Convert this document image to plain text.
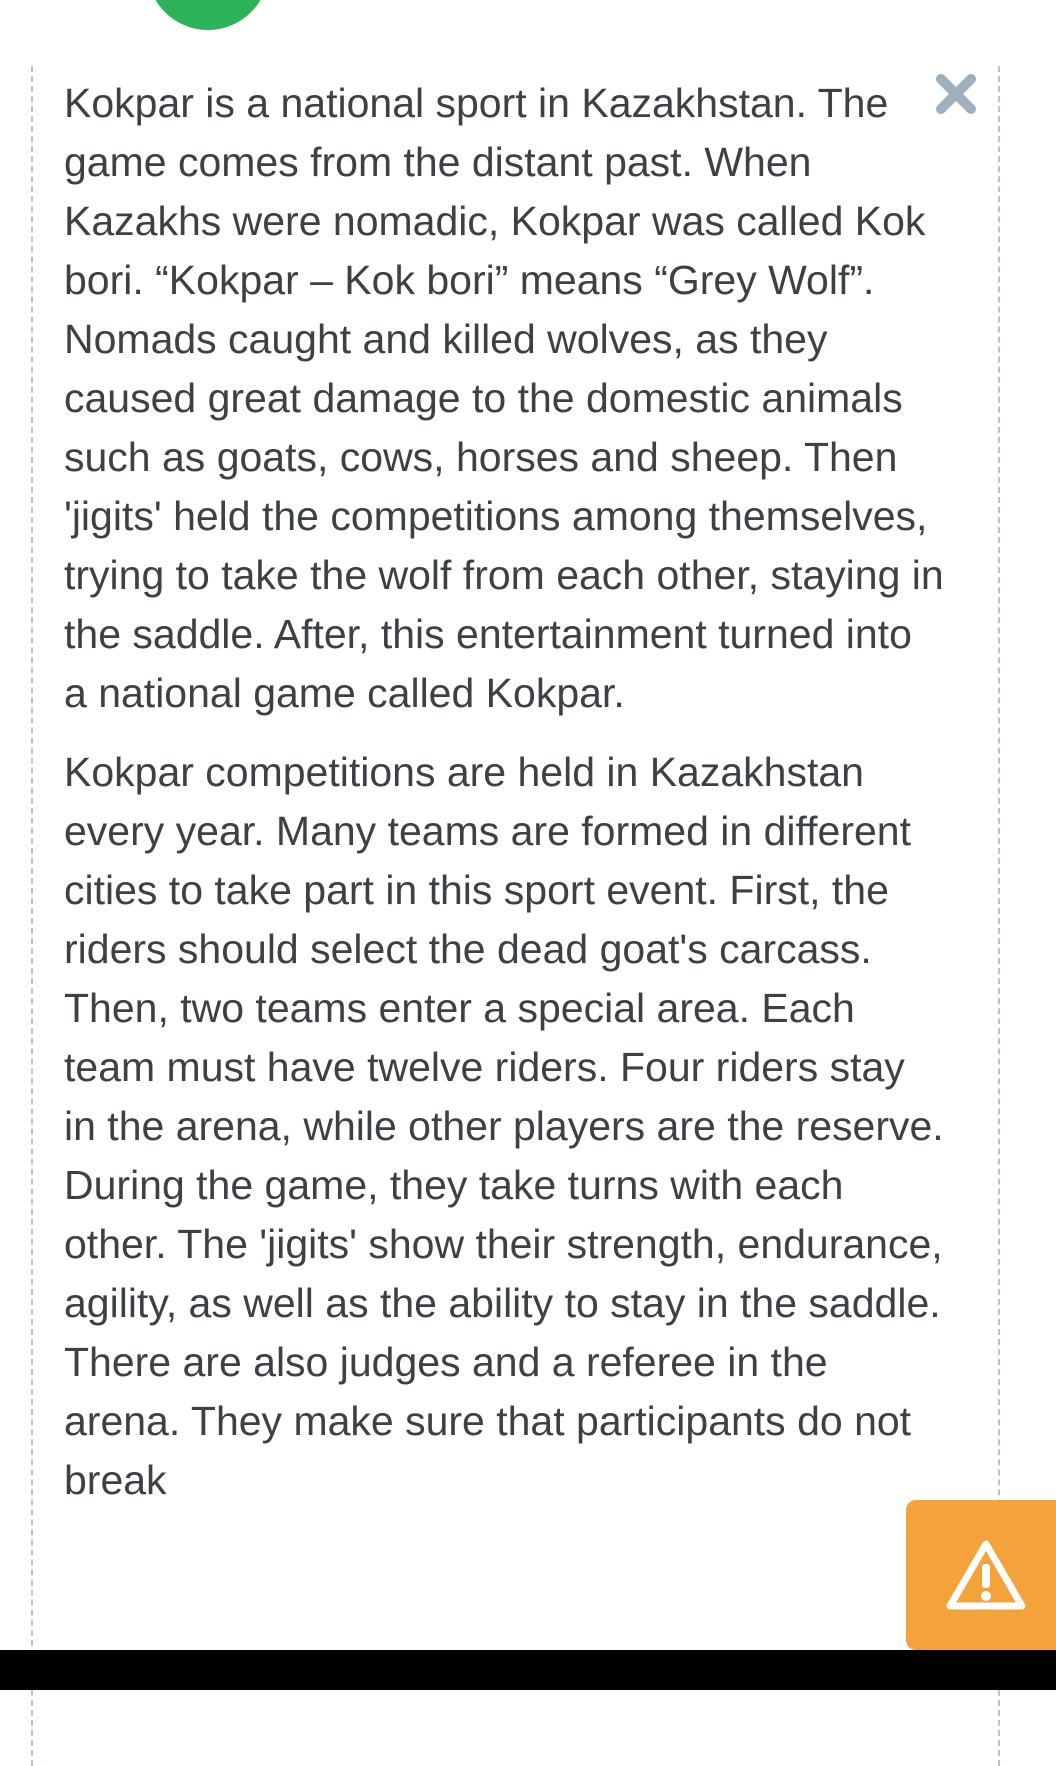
Kokpar is a national sport in Kazakhstan. The game comes from the distant past. When Kazakhs were nomadic, Kokpar was called Kok bori. “Kokpar – Kok bori” means “Grey Wolf”. Nomads caught and killed wolves, as they caused great damage to the domestic animals such as goats, cows, horses and sheep. Then 'jigits' held the competitions among themselves, trying to take the wolf from each other, staying in the saddle. After, this entertainment turned into a national game called Kokpar.

Kokpar competitions are held in Kazakhstan every year. Many teams are formed in different cities to take part in this sport event. First, the riders should select the dead goat's carcass. Then, two teams enter a special area. Each team must have twelve riders. Four riders stay in the arena, while other players are the reserve. During the game, they take turns with each other. The 'jigits' show their strength, endurance, agility, as well as the ability to stay in the saddle. There are also judges and a referee in the arena. They make sure that participants do not break
